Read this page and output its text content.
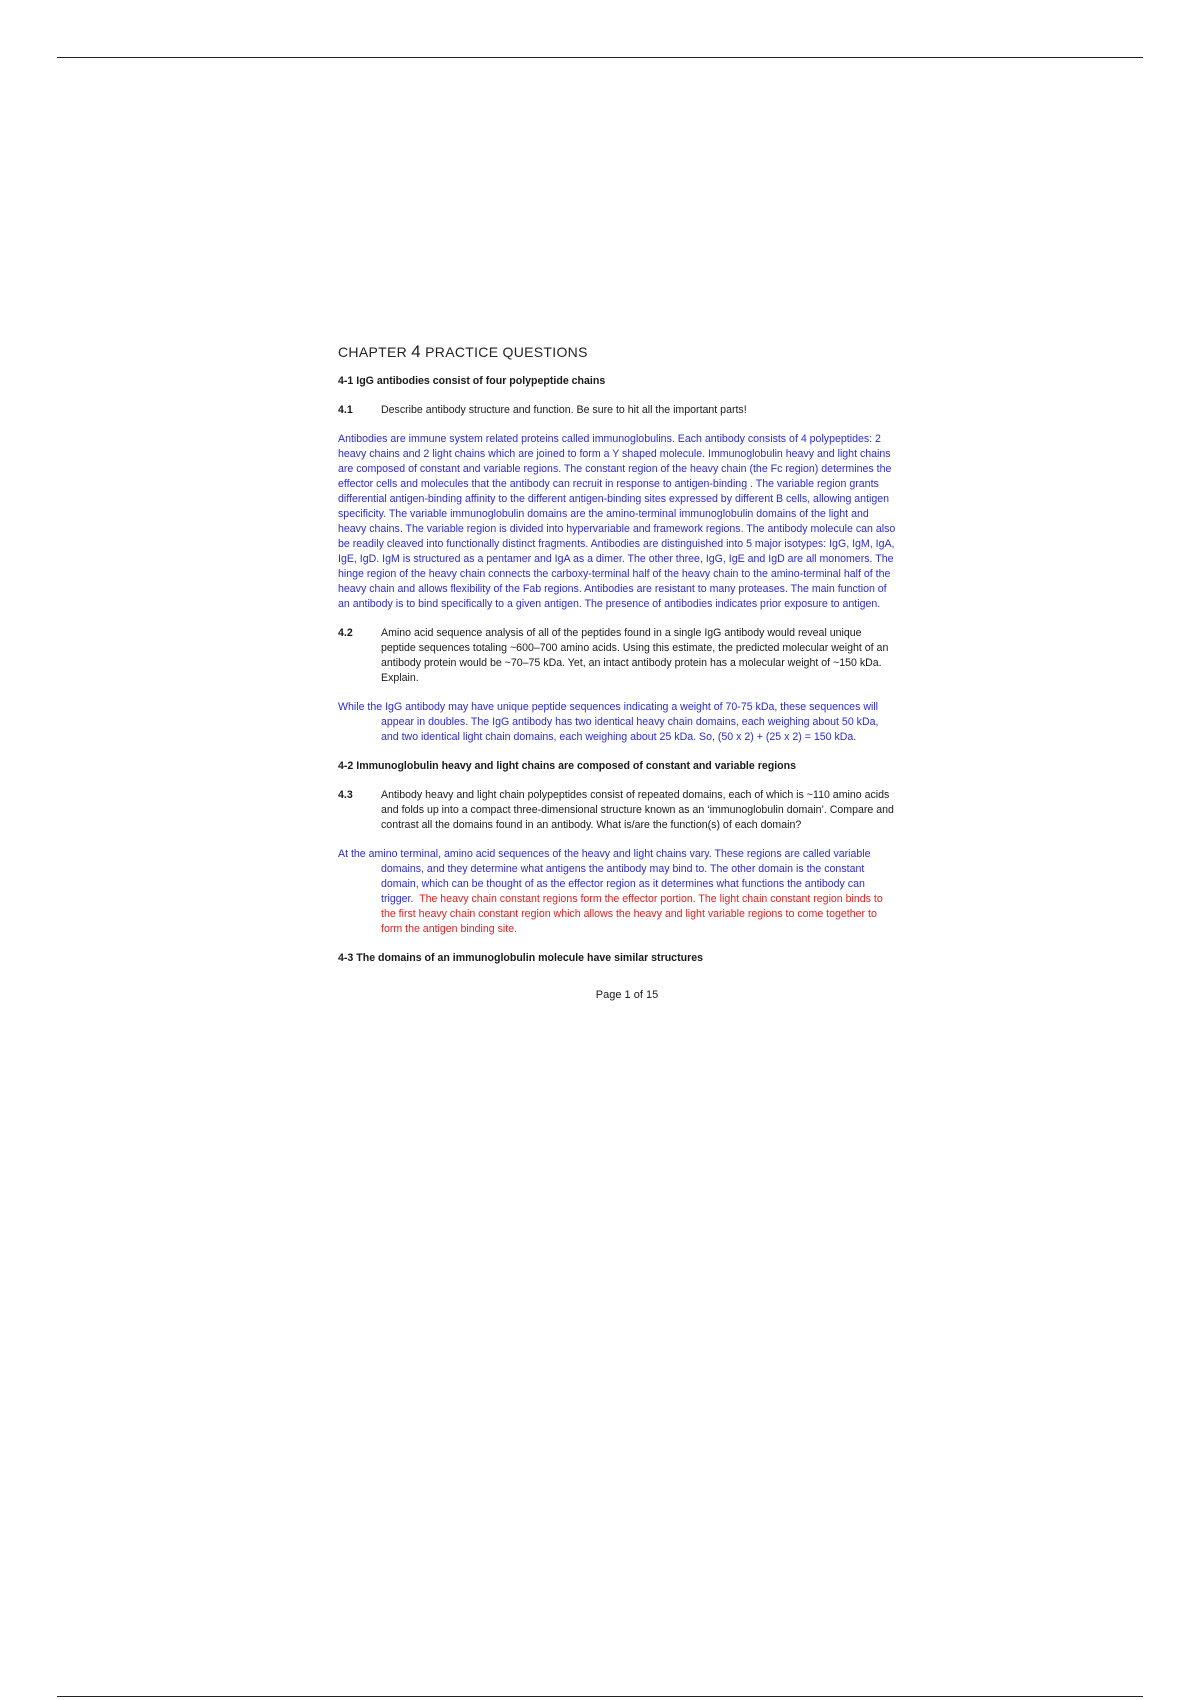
CHAPTER 4 PRACTICE QUESTIONS
4-1 IgG antibodies consist of four polypeptide chains
4.1	Describe antibody structure and function. Be sure to hit all the important parts!
Antibodies are immune system related proteins called immunoglobulins. Each antibody consists of 4 polypeptides: 2 heavy chains and 2 light chains which are joined to form a Y shaped molecule. Immunoglobulin heavy and light chains are composed of constant and variable regions. The constant region of the heavy chain (the Fc region) determines the effector cells and molecules that the antibody can recruit in response to antigen-binding . The variable region grants differential antigen-binding affinity to the different antigen-binding sites expressed by different B cells, allowing antigen specificity. The variable immunoglobulin domains are the amino-terminal immunoglobulin domains of the light and heavy chains. The variable region is divided into hypervariable and framework regions. The antibody molecule can also be readily cleaved into functionally distinct fragments. Antibodies are distinguished into 5 major isotypes: IgG, IgM, IgA, IgE, IgD. IgM is structured as a pentamer and IgA as a dimer. The other three, IgG, IgE and IgD are all monomers. The hinge region of the heavy chain connects the carboxy-terminal half of the heavy chain to the amino-terminal half of the heavy chain and allows flexibility of the Fab regions. Antibodies are resistant to many proteases. The main function of an antibody is to bind specifically to a given antigen. The presence of antibodies indicates prior exposure to antigen.
4.2	Amino acid sequence analysis of all of the peptides found in a single IgG antibody would reveal unique peptide sequences totaling ~600–700 amino acids. Using this estimate, the predicted molecular weight of an antibody protein would be ~70–75 kDa. Yet, an intact antibody protein has a molecular weight of ~150 kDa. Explain.
While the IgG antibody may have unique peptide sequences indicating a weight of 70-75 kDa, these sequences will appear in doubles. The IgG antibody has two identical heavy chain domains, each weighing about 50 kDa, and two identical light chain domains, each weighing about 25 kDa. So, (50 x 2) + (25 x 2) = 150 kDa.
4-2 Immunoglobulin heavy and light chains are composed of constant and variable regions
4.3	Antibody heavy and light chain polypeptides consist of repeated domains, each of which is ~110 amino acids and folds up into a compact three-dimensional structure known as an ‘immunoglobulin domain’. Compare and contrast all the domains found in an antibody. What is/are the function(s) of each domain?
At the amino terminal, amino acid sequences of the heavy and light chains vary. These regions are called variable domains, and they determine what antigens the antibody may bind to. The other domain is the constant domain, which can be thought of as the effector region as it determines what functions the antibody can trigger. The heavy chain constant regions form the effector portion. The light chain constant region binds to the first heavy chain constant region which allows the heavy and light variable regions to come together to form the antigen binding site.
4-3 The domains of an immunoglobulin molecule have similar structures
Page 1 of 15
